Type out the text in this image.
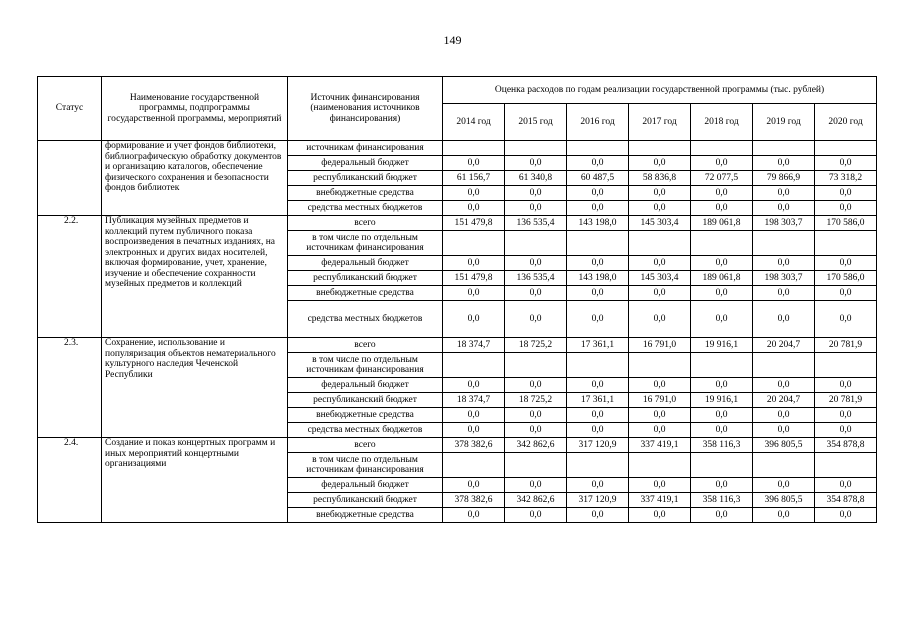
149
Статус	Наименование государственной программы, подпрограммы государственной программы, мероприятий	Источник финансирования (наименования источников финансирования)	Оценка расходов по годам реализации государственной программы (тыс. рублей)						
			2014 год	2015 год	2016 год	2017 год	2018 год	2019 год	2020 год
	формирование и учет фондов библиотеки, библиографическую обработку документов и организацию каталогов, обеспечение физического сохранения и безопасности фондов библиотек	источникам финансирования							
		федеральный бюджет	0,0	0,0	0,0	0,0	0,0	0,0	0,0
		республиканский бюджет	61 156,7	61 340,8	60 487,5	58 836,8	72 077,5	79 866,9	73 318,2
		внебюджетные средства	0,0	0,0	0,0	0,0	0,0	0,0	0,0
		средства местных бюджетов	0,0	0,0	0,0	0,0	0,0	0,0	0,0
2.2.	Публикация музейных предметов и коллекций путем публичного показа воспроизведения в печатных изданиях, на электронных и других видах носителей, включая формирование, учет, хранение, изучение и обеспечение сохранности музейных предметов и коллекций	всего	151 479,8	136 535,4	143 198,0	145 303,4	189 061,8	198 303,7	170 586,0
		в том числе по отдельным источникам финансирования							
		федеральный бюджет	0,0	0,0	0,0	0,0	0,0	0,0	0,0
		республиканский бюджет	151 479,8	136 535,4	143 198,0	145 303,4	189 061,8	198 303,7	170 586,0
		внебюджетные средства	0,0	0,0	0,0	0,0	0,0	0,0	0,0
		средства местных бюджетов	0,0	0,0	0,0	0,0	0,0	0,0	0,0
2.3.	Сохранение, использование и популяризация объектов нематериального культурного наследия Чеченской Республики	всего	18 374,7	18 725,2	17 361,1	16 791,0	19 916,1	20 204,7	20 781,9
		в том числе по отдельным источникам финансирования							
		федеральный бюджет	0,0	0,0	0,0	0,0	0,0	0,0	0,0
		республиканский бюджет	18 374,7	18 725,2	17 361,1	16 791,0	19 916,1	20 204,7	20 781,9
		внебюджетные средства	0,0	0,0	0,0	0,0	0,0	0,0	0,0
		средства местных бюджетов	0,0	0,0	0,0	0,0	0,0	0,0	0,0
2.4.	Создание и показ концертных программ и иных мероприятий концертными организациями	всего	378 382,6	342 862,6	317 120,9	337 419,1	358 116,3	396 805,5	354 878,8
		в том числе по отдельным источникам финансирования							
		федеральный бюджет	0,0	0,0	0,0	0,0	0,0	0,0	0,0
		республиканский бюджет	378 382,6	342 862,6	317 120,9	337 419,1	358 116,3	396 805,5	354 878,8
		внебюджетные средства	0,0	0,0	0,0	0,0	0,0	0,0	0,0
